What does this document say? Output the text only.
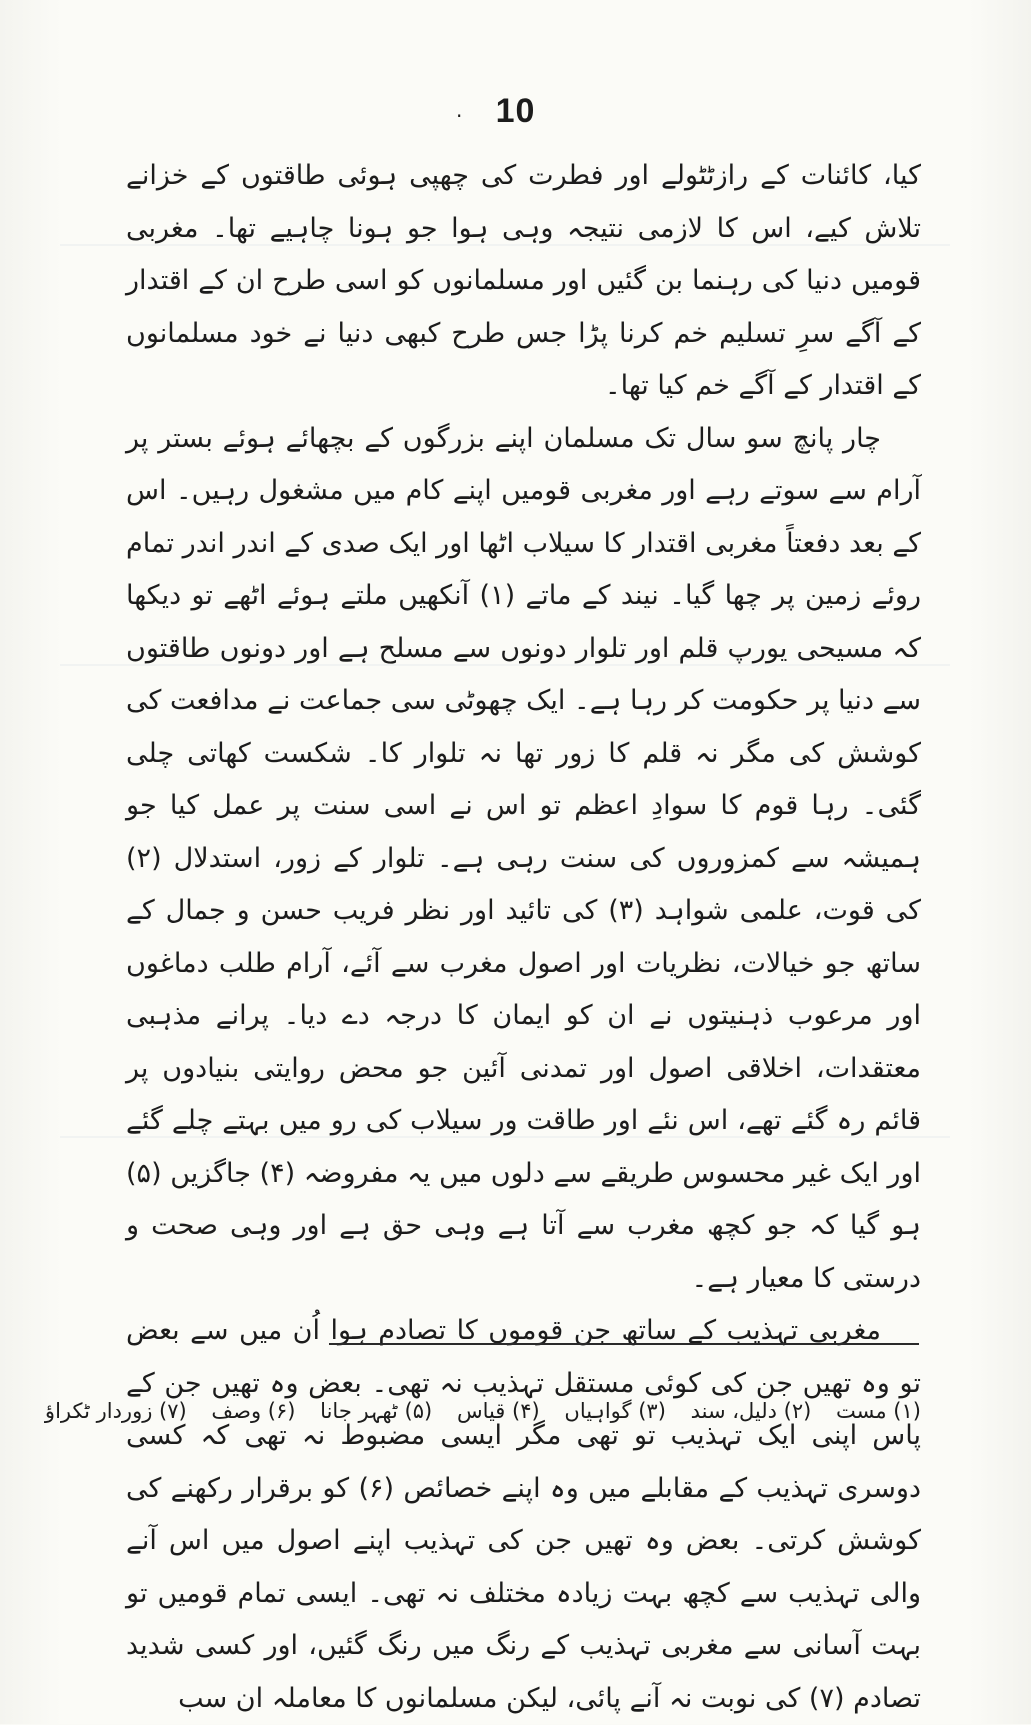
· 10

کیا، کائنات کے رازٹٹولے اور فطرت کی چھپی ہوئی طاقتوں کے خزانے تلاش کیے، اس کا لازمی نتیجہ وہی ہوا جو ہونا چاہیے تھا۔ مغربی قومیں دنیا کی رہنما بن گئیں اور مسلمانوں کو اسی طرح ان کے اقتدار کے آگے سرِ تسلیم خم کرنا پڑا جس طرح کبھی دنیا نے خود مسلمانوں کے اقتدار کے آگے خم کیا تھا۔

چار پانچ سو سال تک مسلمان اپنے بزرگوں کے بچھائے ہوئے بستر پر آرام سے سوتے رہے اور مغربی قومیں اپنے کام میں مشغول رہیں۔ اس کے بعد دفعتاً مغربی اقتدار کا سیلاب اٹھا اور ایک صدی کے اندر اندر تمام روئے زمین پر چھا گیا۔ نیند کے ماتے (۱) آنکھیں ملتے ہوئے اٹھے تو دیکھا کہ مسیحی یورپ قلم اور تلوار دونوں سے مسلح ہے اور دونوں طاقتوں سے دنیا پر حکومت کر رہا ہے۔ ایک چھوٹی سی جماعت نے مدافعت کی کوشش کی مگر نہ قلم کا زور تھا نہ تلوار کا۔ شکست کھاتی چلی گئی۔ رہا قوم کا سوادِ اعظم تو اس نے اسی سنت پر عمل کیا جو ہمیشہ سے کمزوروں کی سنت رہی ہے۔ تلوار کے زور، استدلال (۲) کی قوت، علمی شواہد (۳) کی تائید اور نظر فریب حسن و جمال کے ساتھ جو خیالات، نظریات اور اصول مغرب سے آئے، آرام طلب دماغوں اور مرعوب ذہنیتوں نے ان کو ایمان کا درجہ دے دیا۔ پرانے مذہبی معتقدات، اخلاقی اصول اور تمدنی آئین جو محض روایتی بنیادوں پر قائم رہ گئے تھے، اس نئے اور طاقت ور سیلاب کی رو میں بہتے چلے گئے اور ایک غیر محسوس طریقے سے دلوں میں یہ مفروضہ (۴) جاگزیں (۵) ہو گیا کہ جو کچھ مغرب سے آتا ہے وہی حق ہے اور وہی صحت و درستی کا معیار ہے۔

مغربی تہذیب کے ساتھ جن قوموں کا تصادم ہوا اُن میں سے بعض تو وہ تھیں جن کی کوئی مستقل تہذیب نہ تھی۔ بعض وہ تھیں جن کے پاس اپنی ایک تہذیب تو تھی مگر ایسی مضبوط نہ تھی کہ کسی دوسری تہذیب کے مقابلے میں وہ اپنے خصائص (۶) کو برقرار رکھنے کی کوشش کرتی۔ بعض وہ تھیں جن کی تہذیب اپنے اصول میں اس آنے والی تہذیب سے کچھ بہت زیادہ مختلف نہ تھی۔ ایسی تمام قومیں تو بہت آسانی سے مغربی تہذیب کے رنگ میں رنگ گئیں، اور کسی شدید تصادم (۷) کی نوبت نہ آنے پائی، لیکن مسلمانوں کا معاملہ ان سب

(۱) مست (۲) دلیل، سند (۳) گواہیاں (۴) قیاس (۵) ٹھہر جانا (۶) وصف (۷) زوردار ٹکراؤ
